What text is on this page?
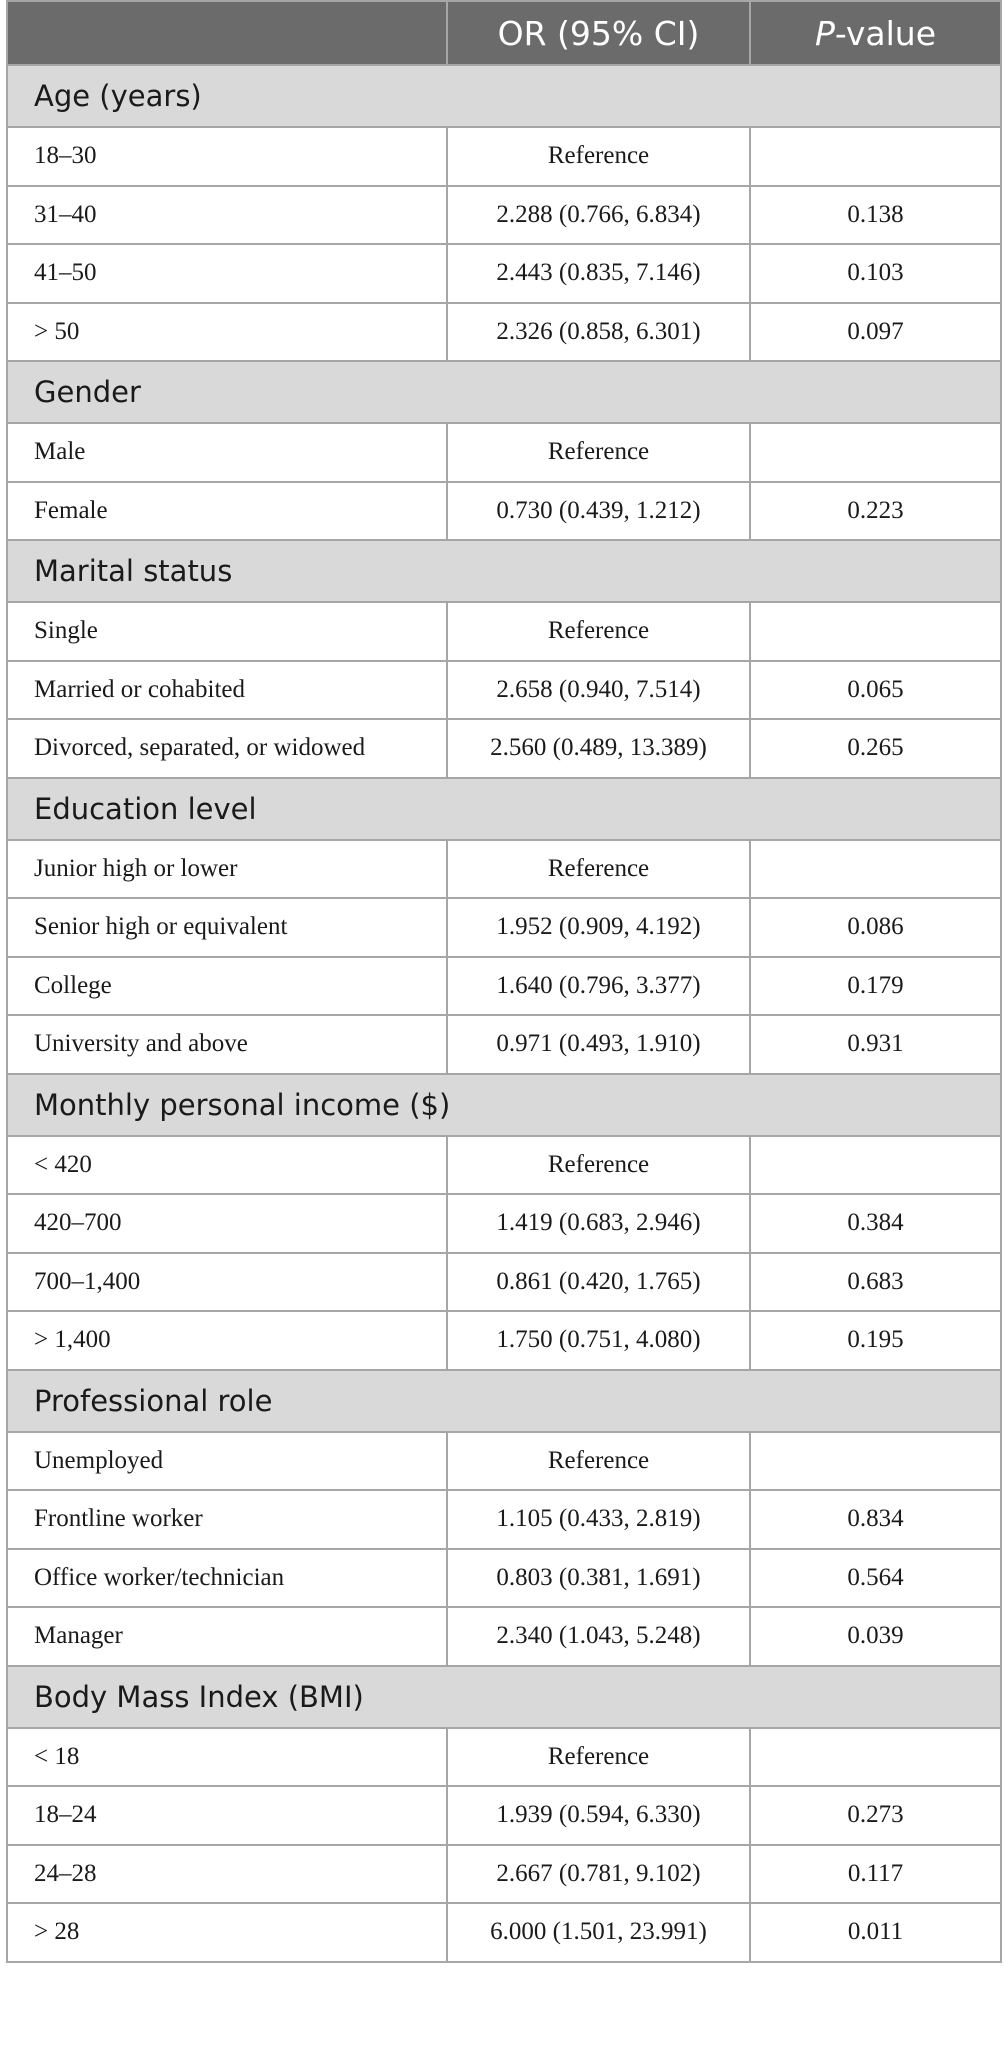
	OR (95% CI)	P-value
Age (years)		
18–30	Reference	
31–40	2.288 (0.766, 6.834)	0.138
41–50	2.443 (0.835, 7.146)	0.103
> 50	2.326 (0.858, 6.301)	0.097
Gender		
Male	Reference	
Female	0.730 (0.439, 1.212)	0.223
Marital status		
Single	Reference	
Married or cohabited	2.658 (0.940, 7.514)	0.065
Divorced, separated, or widowed	2.560 (0.489, 13.389)	0.265
Education level		
Junior high or lower	Reference	
Senior high or equivalent	1.952 (0.909, 4.192)	0.086
College	1.640 (0.796, 3.377)	0.179
University and above	0.971 (0.493, 1.910)	0.931
Monthly personal income ($)		
< 420	Reference	
420–700	1.419 (0.683, 2.946)	0.384
700–1,400	0.861 (0.420, 1.765)	0.683
> 1,400	1.750 (0.751, 4.080)	0.195
Professional role		
Unemployed	Reference	
Frontline worker	1.105 (0.433, 2.819)	0.834
Office worker/technician	0.803 (0.381, 1.691)	0.564
Manager	2.340 (1.043, 5.248)	0.039
Body Mass Index (BMI)		
< 18	Reference	
18–24	1.939 (0.594, 6.330)	0.273
24–28	2.667 (0.781, 9.102)	0.117
> 28	6.000 (1.501, 23.991)	0.011
